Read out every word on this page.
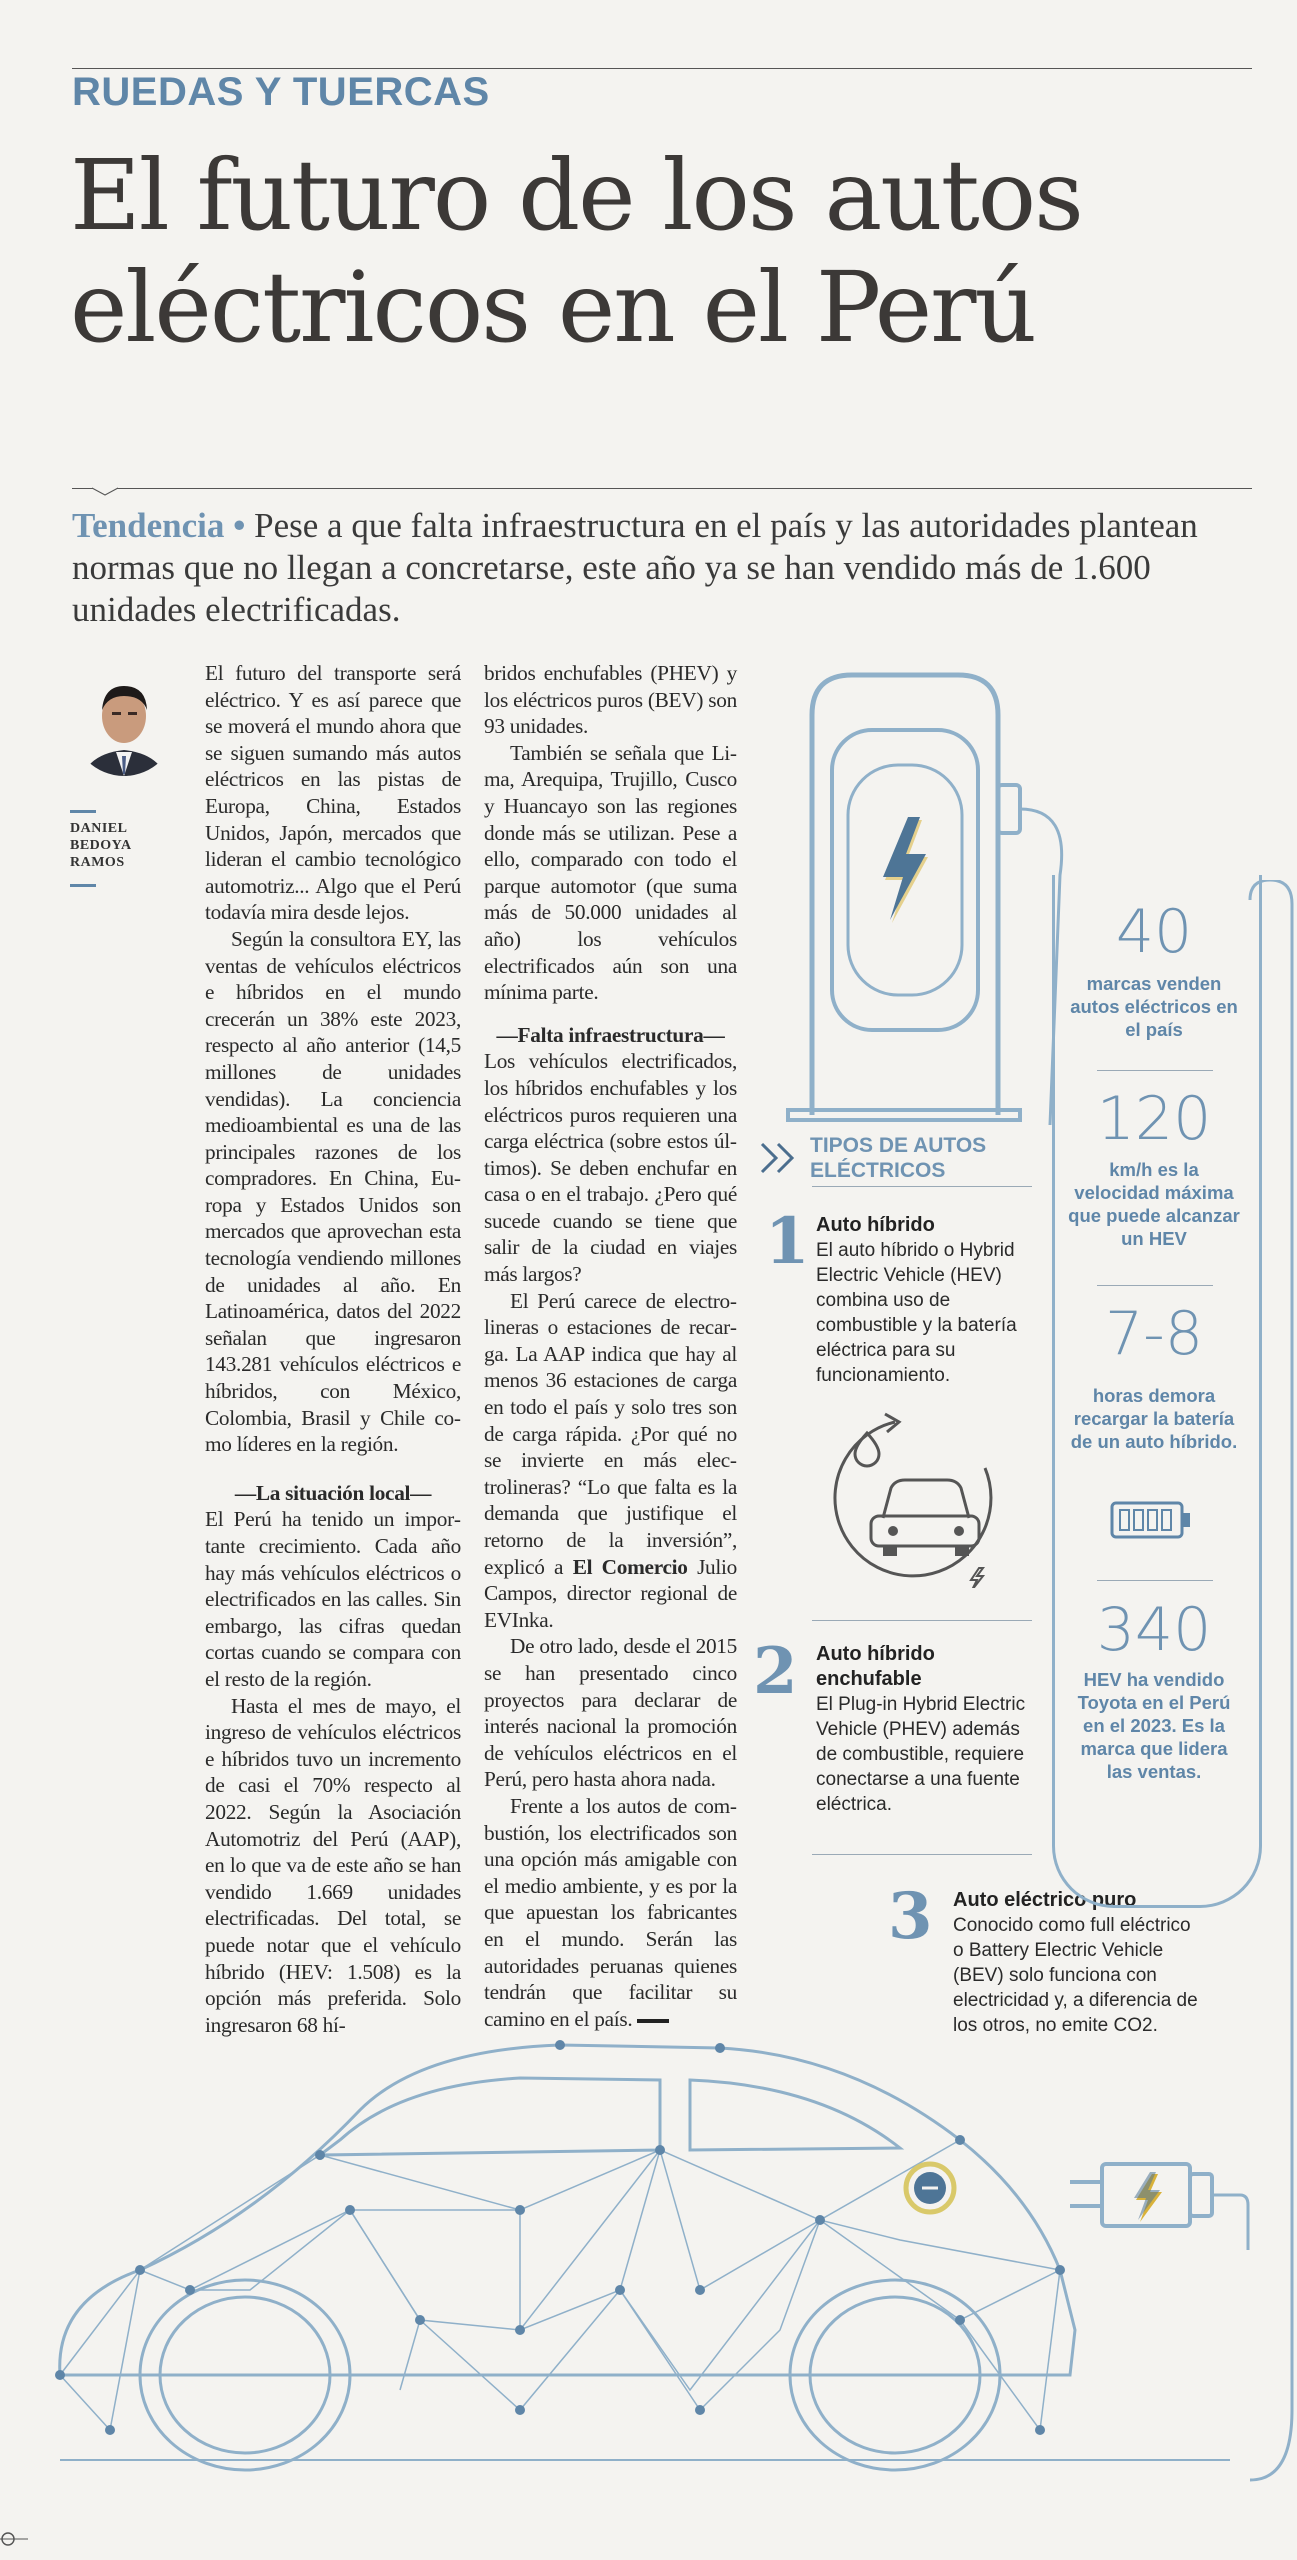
RUEDAS Y TUERCAS
El futuro de los autos
eléctricos en el Perú

Tendencia • Pese a que falta infraestructura en el país y las autoridades plantean normas que no llegan a concretarse, este año ya se han vendido más de 1.600 unidades electrificadas.

DANIEL
BEDOYA
RAMOS

El futuro del transporte será eléctrico. Y es así parece que se moverá el mundo ahora que se siguen sumando más autos eléctricos en las pistas de Europa, China, Estados Unidos, Japón, mercados que lideran el cambio tecnológico automotriz... Algo que el Perú todavía mira desde lejos.

Según la consultora EY, las ventas de vehículos eléctricos e híbridos en el mundo crecerán un 38% este 2023, respecto al año anterior (14,5 millones de unidades vendidas). La conciencia medioambiental es una de las principales razones de los compradores. En China, Europa y Estados Unidos son mercados que aprovechan esta tecnología vendiendo millones de unidades al año. En Latinoamérica, datos del 2022 señalan que ingresaron 143.281 vehículos eléctricos e híbridos, con México, Colombia, Brasil y Chile como líderes en la región.

—La situación local—

El Perú ha tenido un importante crecimiento. Cada año hay más vehículos eléctricos o electrificados en las calles. Sin embargo, las cifras quedan cortas cuando se compara con el resto de la región.

Hasta el mes de mayo, el ingreso de vehículos eléctricos e híbridos tuvo un incremento de casi el 70% respecto al 2022. Según la Asociación Automotriz del Perú (AAP), en lo que va de este año se han vendido 1.669 unidades electrificadas. Del total, se puede notar que el vehículo híbrido (HEV: 1.508) es la opción más preferida. Solo ingresaron 68 hí-

bridos enchufables (PHEV) y los eléctricos puros (BEV) son 93 unidades.

También se señala que Lima, Arequipa, Trujillo, Cusco y Huancayo son las regiones donde más se utilizan. Pese a ello, comparado con todo el parque automotor (que suma más de 50.000 unidades al año) los vehículos electrificados aún son una mínima parte.

—Falta infraestructura—

Los vehículos electrificados, los híbridos enchufables y los eléctricos puros requieren una carga eléctrica (sobre estos últimos). Se deben enchufar en casa o en el trabajo. ¿Pero qué sucede cuando se tiene que salir de la ciudad en viajes más largos?

El Perú carece de electrolineras o estaciones de recarga. La AAP indica que hay al menos 36 estaciones de carga en todo el país y solo tres son de carga rápida. ¿Por qué no se invierte en más electrolineras? “Lo que falta es la demanda que justifique el retorno de la inversión”, explicó a El Comercio Julio Campos, director regional de EVInka.

De otro lado, desde el 2015 se han presentado cinco proyectos para declarar de interés nacional la promoción de vehículos eléctricos en el Perú, pero hasta ahora nada.

Frente a los autos de combustión, los electrificados son una opción más amigable con el medio ambiente, y es por la que apuestan los fabricantes en el mundo. Serán las autoridades peruanas quienes tendrán que facilitar su camino en el país.

TIPOS DE AUTOS ELÉCTRICOS
1 Auto híbrido
El auto híbrido o Hybrid Electric Vehicle (HEV) combina uso de combustible y la batería eléctrica para su funcionamiento.
2 Auto híbrido enchufable
El Plug-in Hybrid Electric Vehicle (PHEV) además de combustible, requiere conectarse a una fuente eléctrica.
3 Auto eléctrico puro
Conocido como full eléctrico o Battery Electric Vehicle (BEV) solo funciona con electricidad y, a diferencia de los otros, no emite CO2.
40
marcas venden autos eléctricos en el país
120
km/h es la velocidad máxima que puede alcanzar un HEV
7-8
horas demora recargar la batería de un auto híbrido.
340
HEV ha vendido Toyota en el Perú en el 2023. Es la marca que lidera las ventas.
